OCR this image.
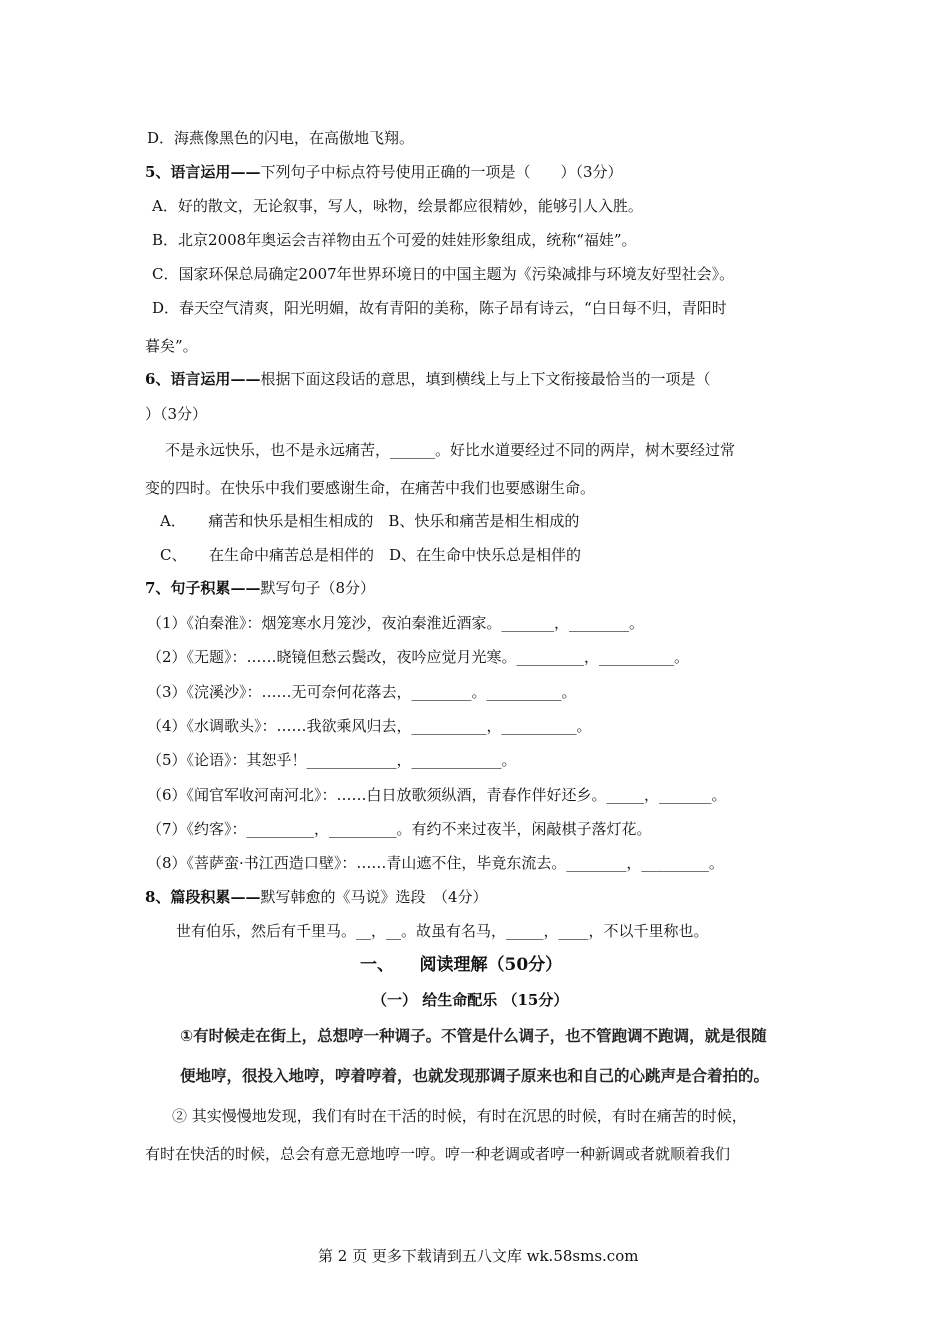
D．海燕像黑色的闪电，在高傲地飞翔。
5、语言运用——下列句子中标点符号使用正确的一项是（　　）（3分）
A．好的散文，无论叙事，写人，咏物，绘景都应很精妙，能够引人入胜。
B．北京2008年奥运会吉祥物由五个可爱的娃娃形象组成，统称“福娃”。
C．国家环保总局确定2007年世界环境日的中国主题为《污染减排与环境友好型社会》。
D．春天空气清爽，阳光明媚，故有青阳的美称，陈子昂有诗云，“白日每不归，青阳时
暮矣”。
6、语言运用——根据下面这段话的意思，填到横线上与上下文衔接最恰当的一项是（
）（3分）
不是永远快乐，也不是永远痛苦，______。好比水道要经过不同的两岸，树木要经过常
变的四时。在快乐中我们要感谢生命，在痛苦中我们也要感谢生命。
A．　　痛苦和快乐是相生相成的　B、快乐和痛苦是相生相成的
C、　　在生命中痛苦总是相伴的　D、在生命中快乐总是相伴的
7、句子积累——默写句子（8分）
（1）《泊秦淮》：烟笼寒水月笼沙，夜泊秦淮近酒家。_______，________。
（2）《无题》：……晓镜但愁云鬓改，夜吟应觉月光寒。_________，__________。
（3）《浣溪沙》：……无可奈何花落去，________。__________。
（4）《水调歌头》：……我欲乘风归去，__________，__________。
（5）《论语》：其恕乎！____________，____________。
（6）《闻官军收河南河北》：……白日放歌须纵酒，青春作伴好还乡。_____，_______。
（7）《约客》：_________，_________。有约不来过夜半，闲敲棋子落灯花。
（8）《菩萨蛮·书江西造口壁》：……青山遮不住，毕竟东流去。________，_________。
8、篇段积累——默写韩愈的《马说》选段　（4分）
世有伯乐，然后有千里马。__，__。故虽有名马，_____，____，不以千里称也。
一、　　阅读理解（50分）
（一） 给生命配乐 （15分）
①有时候走在街上，总想哼一种调子。不管是什么调子，也不管跑调不跑调，就是很随
便地哼，很投入地哼，哼着哼着，也就发现那调子原来也和自己的心跳声是合着拍的。
② 其实慢慢地发现，我们有时在干活的时候，有时在沉思的时候，有时在痛苦的时候，
有时在快活的时候，总会有意无意地哼一哼。哼一种老调或者哼一种新调或者就顺着我们
第 2 页 更多下载请到五八文库 wk.58sms.com
